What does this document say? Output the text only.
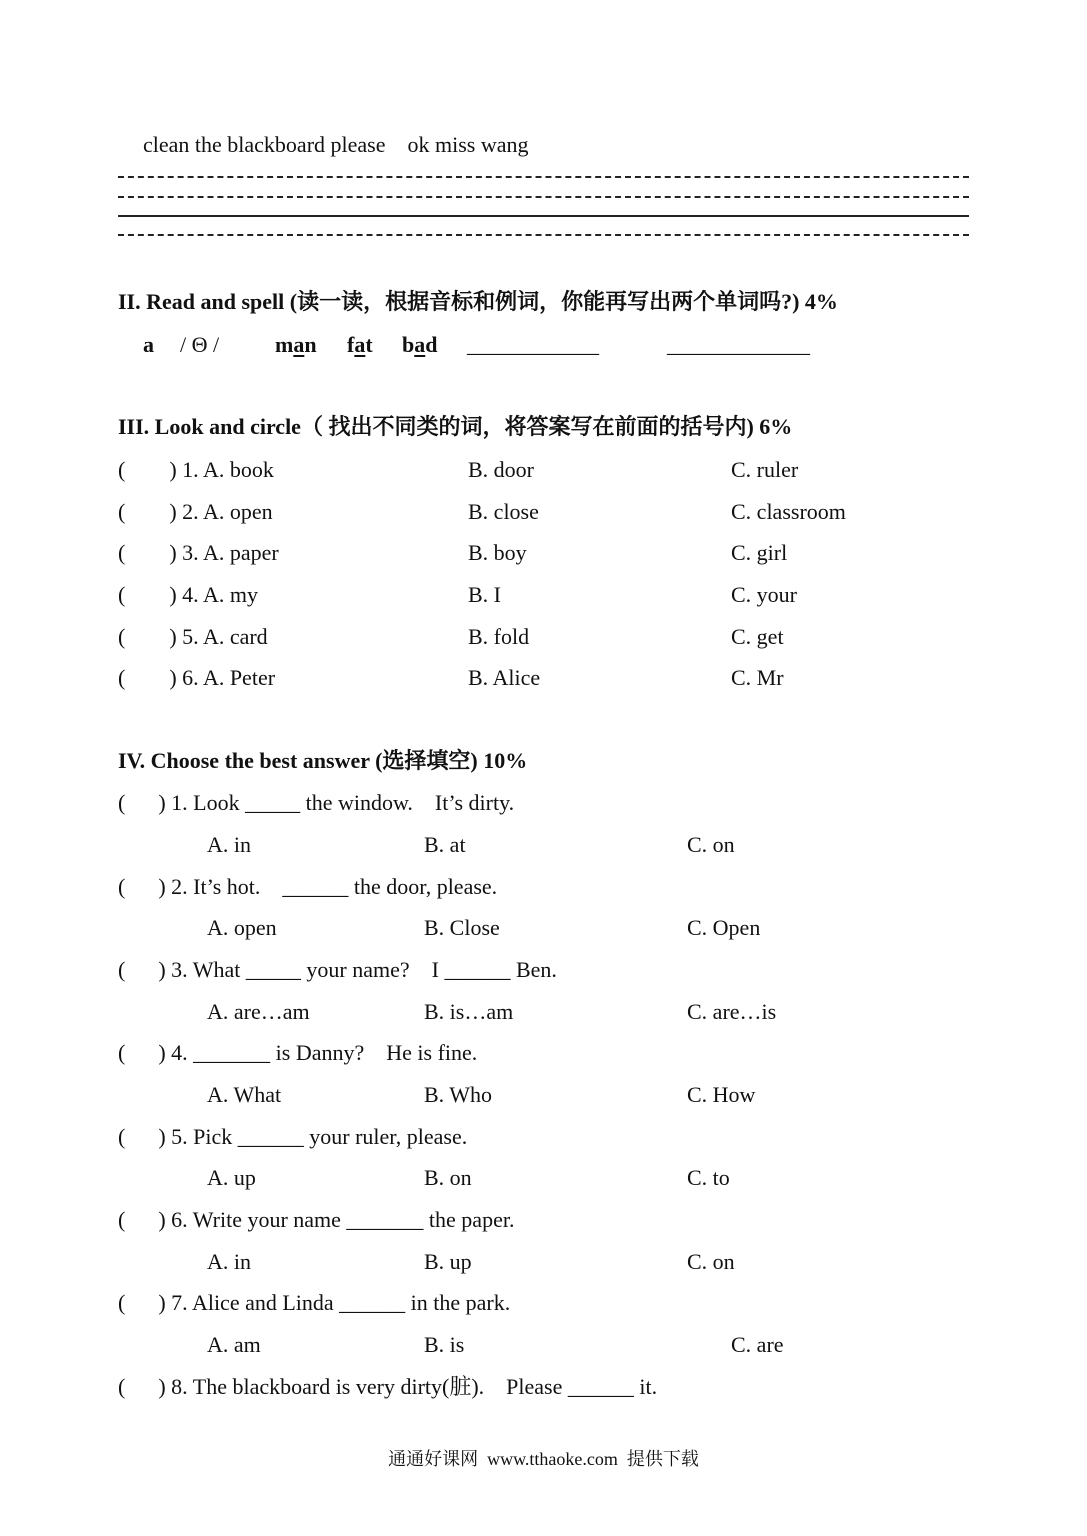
clean the blackboard please    ok miss wang
II. Read and spell (读一读，根据音标和例词，你能再写出两个单词吗?) 4%
a / Θ /	man fat bad ____________	_____________
III. Look and circle（ 找出不同类的词，将答案写在前面的括号内) 6%
(        ) 1. A. book	B. door	C. ruler
(        ) 2. A. open	B. close	C. classroom
(        ) 3. A. paper	B. boy	C. girl
(        ) 4. A. my	B. I	C. your
(        ) 5. A. card	B. fold	C. get
(        ) 6. A. Peter	B. Alice	C. Mr
IV. Choose the best answer (选择填空) 10%
(      ) 1. Look _____ the window.    It’s dirty.
A. in	B. at	C. on
(      ) 2. It’s hot.    ______ the door, please.
A. open	B. Close	C. Open
(      ) 3. What _____ your name?    I ______ Ben.
A. are…am	B. is…am	C. are…is
(      ) 4. _______ is Danny?    He is fine.
A. What	B. Who	C. How
(      ) 5. Pick ______ your ruler, please.
A. up	B. on	C. to
(      ) 6. Write your name _______ the paper.
A. in	B. up	C. on
(      ) 7. Alice and Linda ______ in the park.
A. am	B. is	C. are
(      ) 8. The blackboard is very dirty(脏).    Please ______ it.
通通好课网  www.tthaoke.com  提供下载
